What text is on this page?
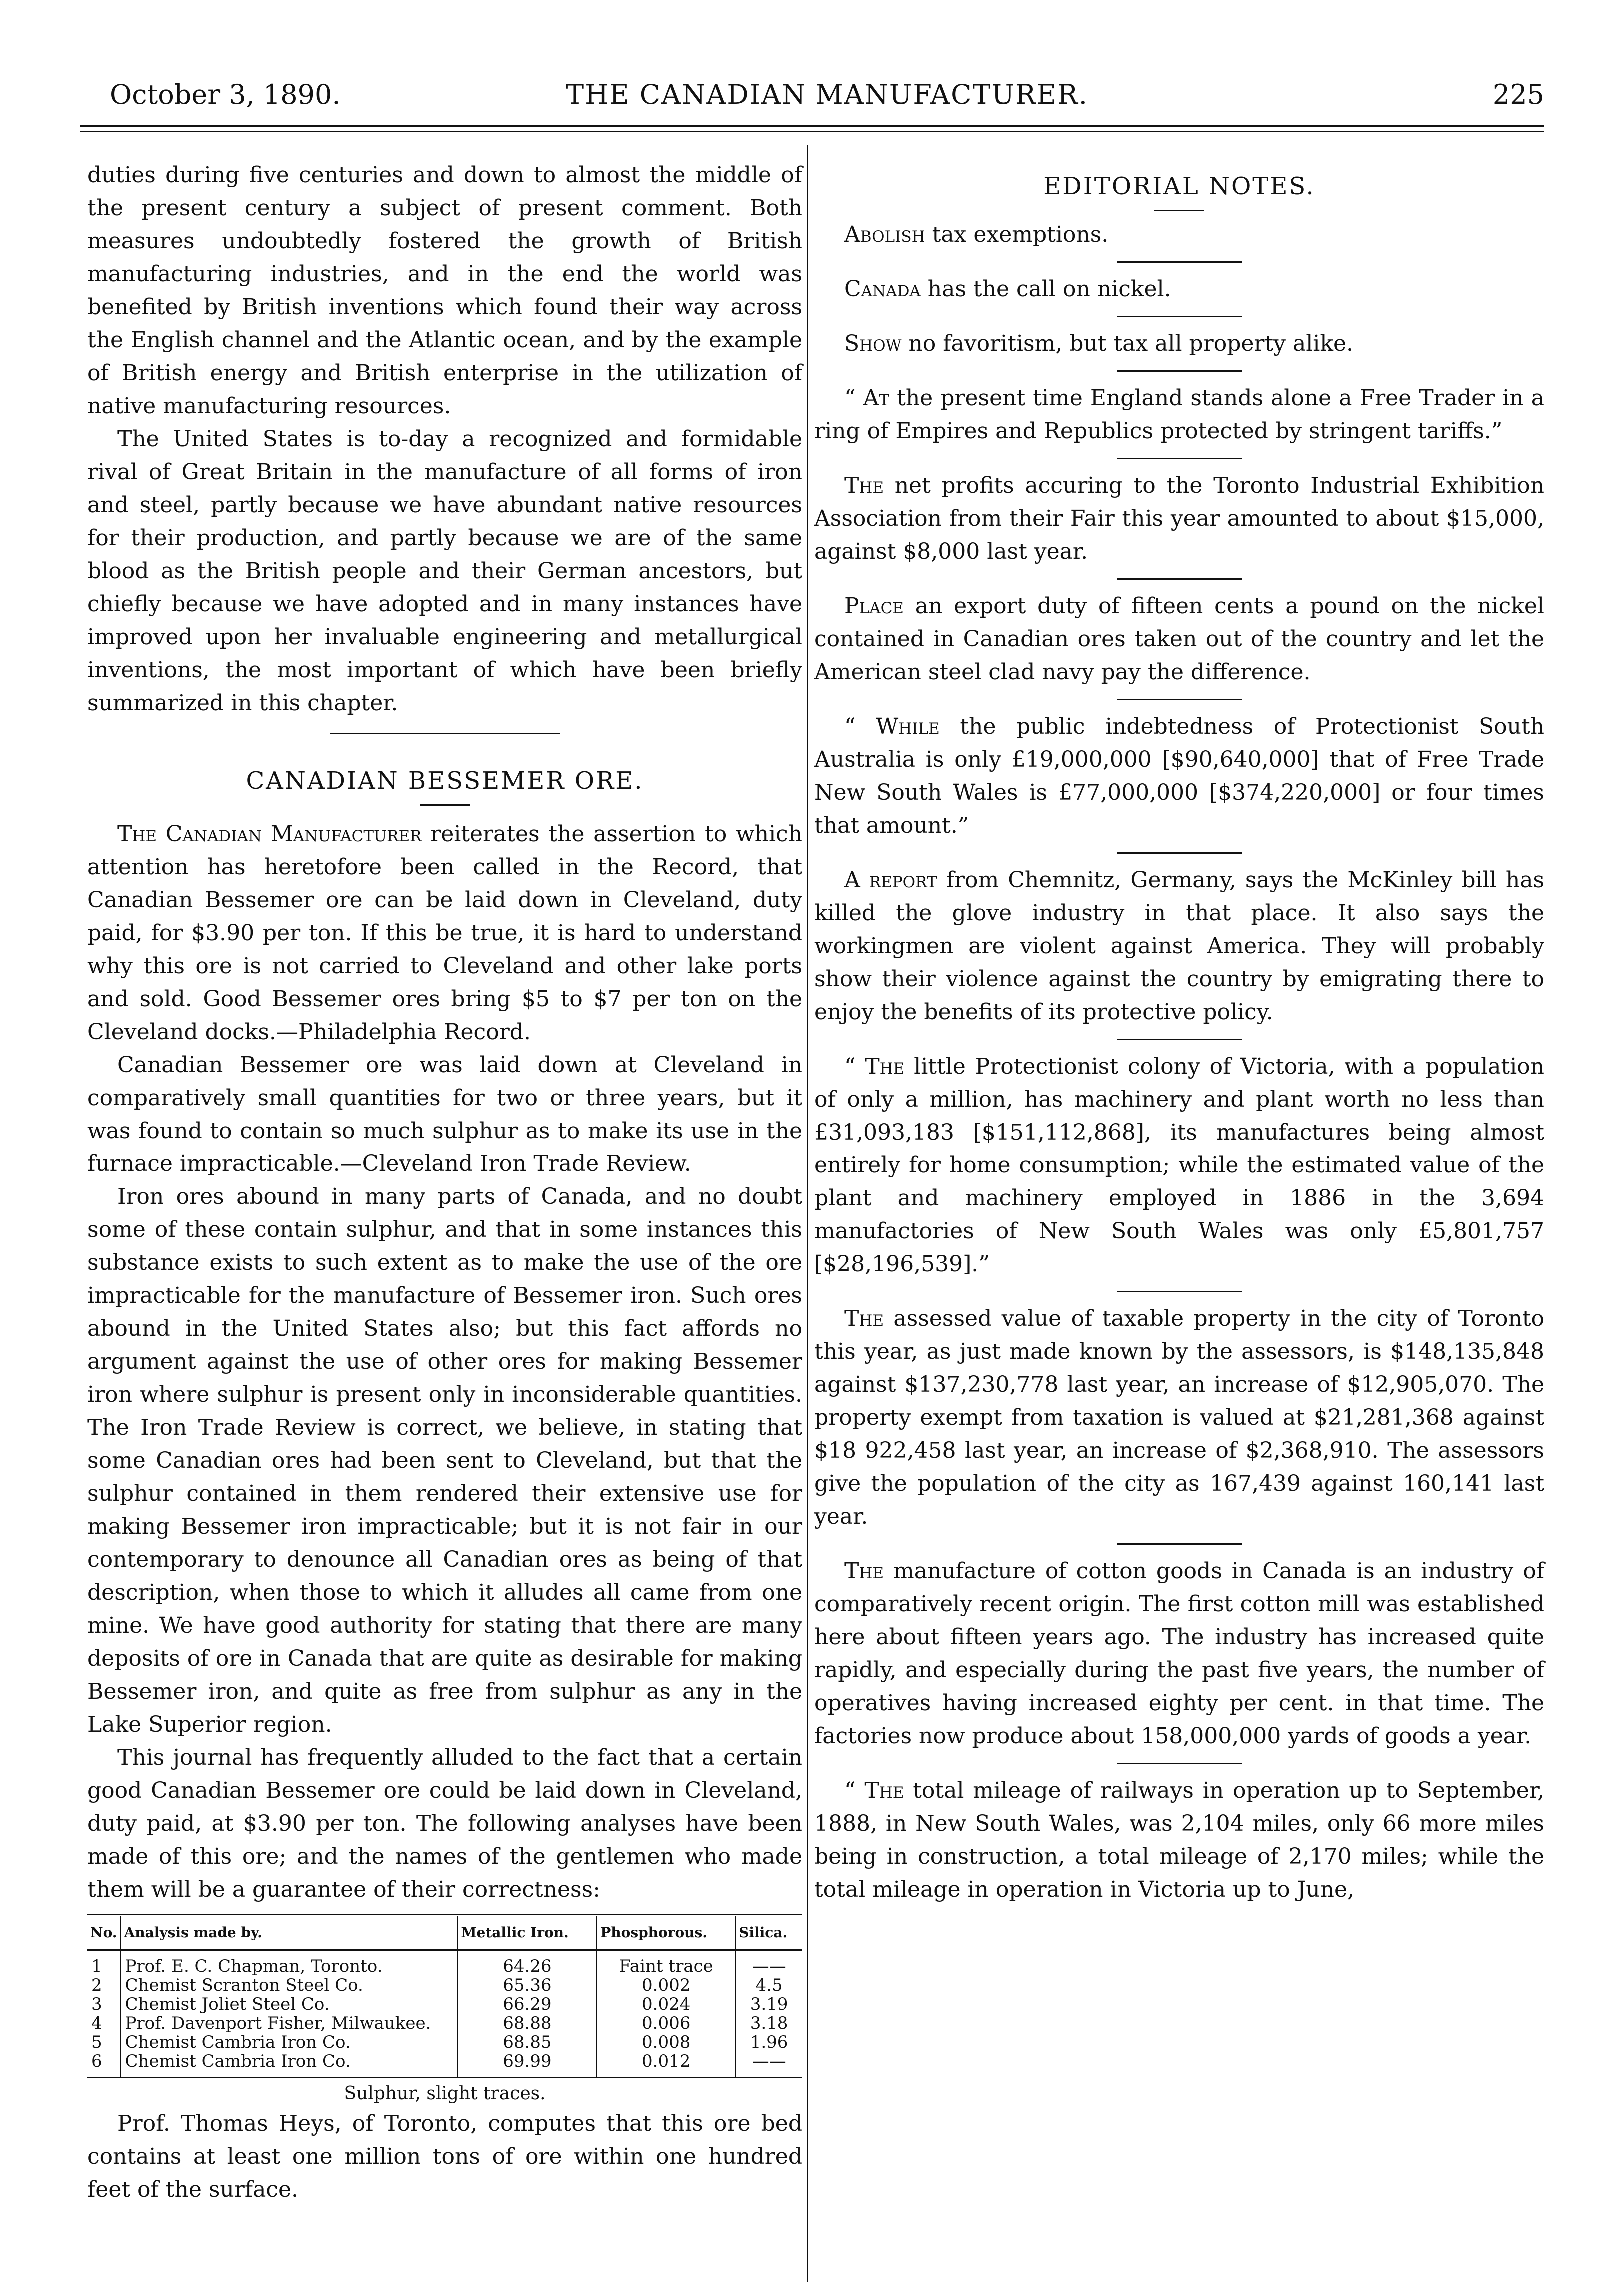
October 3, 1890.	THE CANADIAN MANUFACTURER.	225

duties during five centuries and down to almost the middle of the present century a subject of present comment. Both measures undoubtedly fostered the growth of British manufacturing industries, and in the end the world was benefited by British inventions which found their way across the English channel and the Atlantic ocean, and by the example of British energy and British enterprise in the utilization of native manufacturing resources.

The United States is to-day a recognized and formidable rival of Great Britain in the manufacture of all forms of iron and steel, partly because we have abundant native resources for their production, and partly because we are of the same blood as the British people and their German ancestors, but chiefly because we have adopted and in many instances have improved upon her invaluable engineering and metallurgical inventions, the most important of which have been briefly summarized in this chapter.

CANADIAN BESSEMER ORE.

The Canadian Manufacturer reiterates the assertion to which attention has heretofore been called in the Record, that Canadian Bessemer ore can be laid down in Cleveland, duty paid, for $3.90 per ton. If this be true, it is hard to understand why this ore is not carried to Cleveland and other lake ports and sold. Good Bessemer ores bring $5 to $7 per ton on the Cleveland docks.—Philadelphia Record.

Canadian Bessemer ore was laid down at Cleveland in comparatively small quantities for two or three years, but it was found to contain so much sulphur as to make its use in the furnace impracticable.—Cleveland Iron Trade Review.

Iron ores abound in many parts of Canada, and no doubt some of these contain sulphur, and that in some instances this substance exists to such extent as to make the use of the ore impracticable for the manufacture of Bessemer iron. Such ores abound in the United States also; but this fact affords no argument against the use of other ores for making Bessemer iron where sulphur is present only in inconsiderable quantities. The Iron Trade Review is correct, we believe, in stating that some Canadian ores had been sent to Cleveland, but that the sulphur contained in them rendered their extensive use for making Bessemer iron impracticable; but it is not fair in our contemporary to denounce all Canadian ores as being of that description, when those to which it alludes all came from one mine. We have good authority for stating that there are many deposits of ore in Canada that are quite as desirable for making Bessemer iron, and quite as free from sulphur as any in the Lake Superior region.

This journal has frequently alluded to the fact that a certain good Canadian Bessemer ore could be laid down in Cleveland, duty paid, at $3.90 per ton. The following analyses have been made of this ore; and the names of the gentlemen who made them will be a guarantee of their correctness:

No.	Analysis made by.	Metallic Iron.	Phosphorous.	Silica.
1	Prof. E. C. Chapman, Toronto.	64.26	Faint trace	——
2	Chemist Scranton Steel Co.	65.36	0.002	4.5
3	Chemist Joliet Steel Co.	66.29	0.024	3.19
4	Prof. Davenport Fisher, Milwaukee.	68.88	0.006	3.18
5	Chemist Cambria Iron Co.	68.85	0.008	1.96
6	Chemist Cambria Iron Co.	69.99	0.012	——
Sulphur, slight traces.

Prof. Thomas Heys, of Toronto, computes that this ore bed contains at least one million tons of ore within one hundred feet of the surface.

EDITORIAL NOTES.

Abolish tax exemptions.

Canada has the call on nickel.

Show no favoritism, but tax all property alike.

“ At the present time England stands alone a Free Trader in a ring of Empires and Republics protected by stringent tariffs.”

The net profits accuring to the Toronto Industrial Exhibition Association from their Fair this year amounted to about $15,000, against $8,000 last year.

Place an export duty of fifteen cents a pound on the nickel contained in Canadian ores taken out of the country and let the American steel clad navy pay the difference.

“ While the public indebtedness of Protectionist South Australia is only £19,000,000 [$90,640,000] that of Free Trade New South Wales is £77,000,000 [$374,220,000] or four times that amount.”

A report from Chemnitz, Germany, says the McKinley bill has killed the glove industry in that place. It also says the workingmen are violent against America. They will probably show their violence against the country by emigrating there to enjoy the benefits of its protective policy.

“ The little Protectionist colony of Victoria, with a population of only a million, has machinery and plant worth no less than £31,093,183 [$151,112,868], its manufactures being almost entirely for home consumption; while the estimated value of the plant and machinery employed in 1886 in the 3,694 manufactories of New South Wales was only £5,801,757 [$28,196,539].”

The assessed value of taxable property in the city of Toronto this year, as just made known by the assessors, is $148,135,848 against $137,230,778 last year, an increase of $12,905,070. The property exempt from taxation is valued at $21,281,368 against $18 922,458 last year, an increase of $2,368,910. The assessors give the population of the city as 167,439 against 160,141 last year.

The manufacture of cotton goods in Canada is an industry of comparatively recent origin. The first cotton mill was established here about fifteen years ago. The industry has increased quite rapidly, and especially during the past five years, the number of operatives having increased eighty per cent. in that time. The factories now produce about 158,000,000 yards of goods a year.

“ The total mileage of railways in operation up to September, 1888, in New South Wales, was 2,104 miles, only 66 more miles being in construction, a total mileage of 2,170 miles; while the total mileage in operation in Victoria up to June,
